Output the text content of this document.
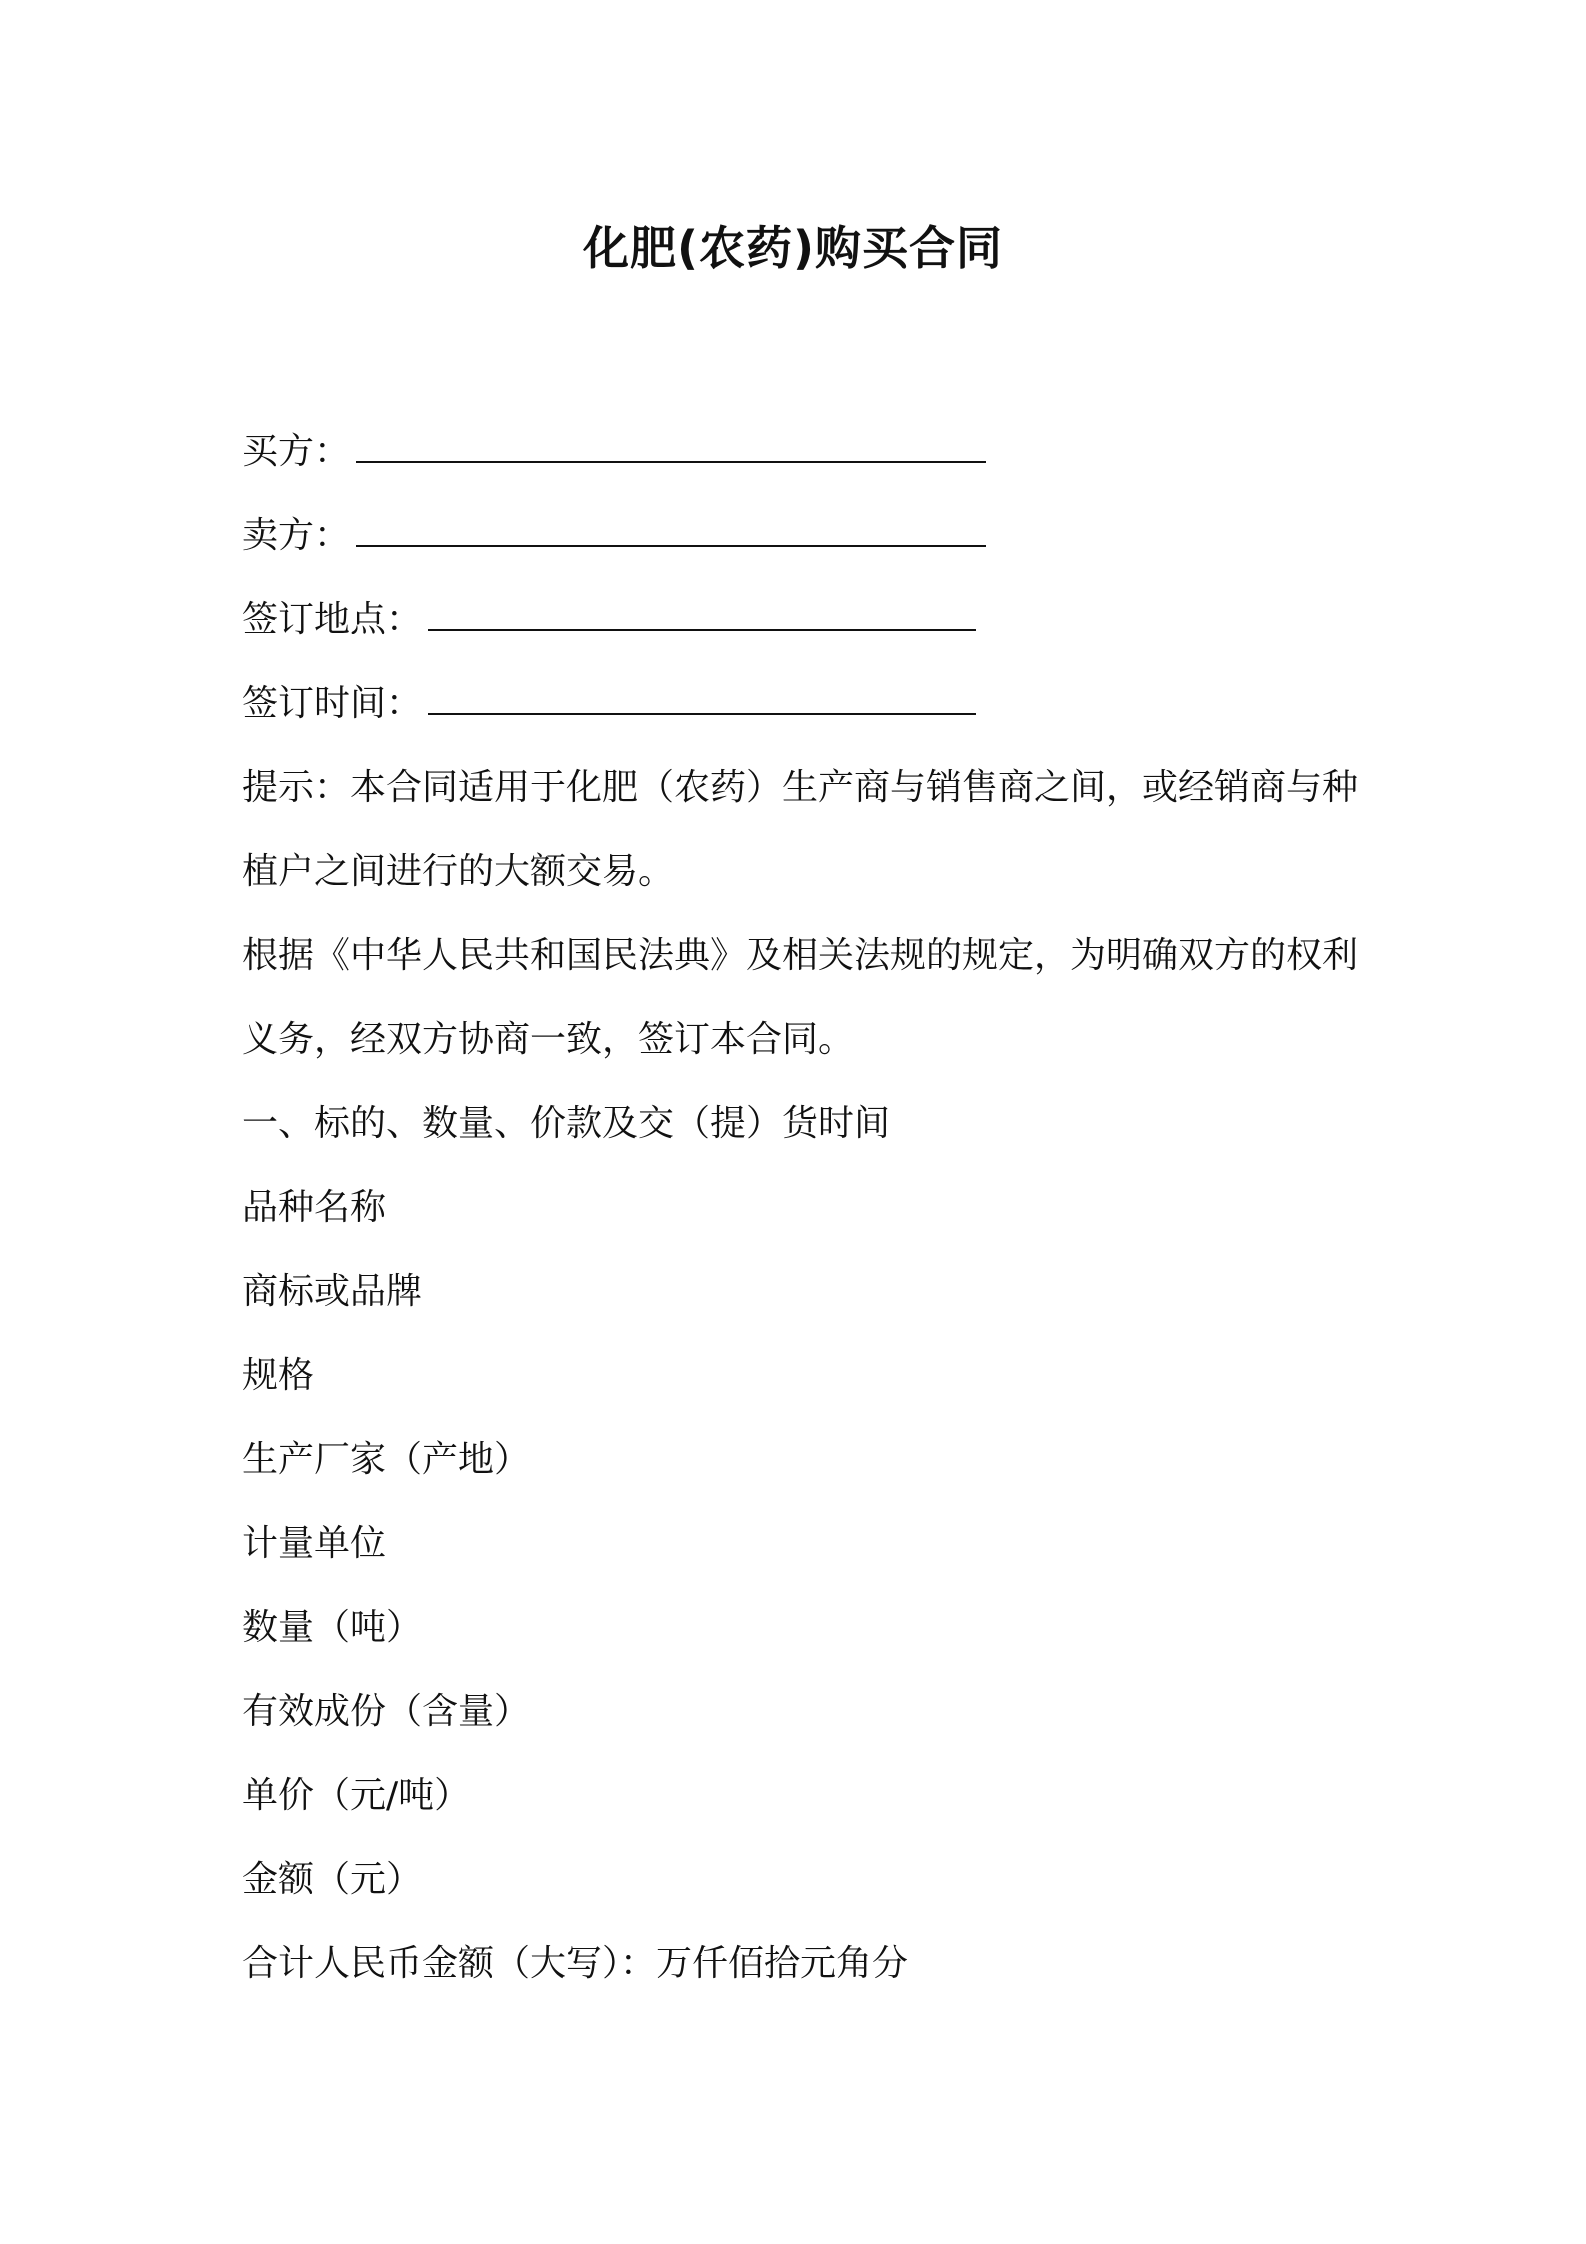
化肥(农药)购买合同
买方：
卖方：
签订地点：
签订时间：
提示：本合同适用于化肥（农药）生产商与销售商之间，或经销商与种植户之间进行的大额交易。
根据《中华人民共和国民法典》及相关法规的规定，为明确双方的权利义务，经双方协商一致，签订本合同。
一、标的、数量、价款及交（提）货时间
品种名称
商标或品牌
规格
生产厂家（产地）
计量单位
数量（吨）
有效成份（含量）
单价（元/吨）
金额（元）
合计人民币金额（大写）：万仟佰拾元角分
